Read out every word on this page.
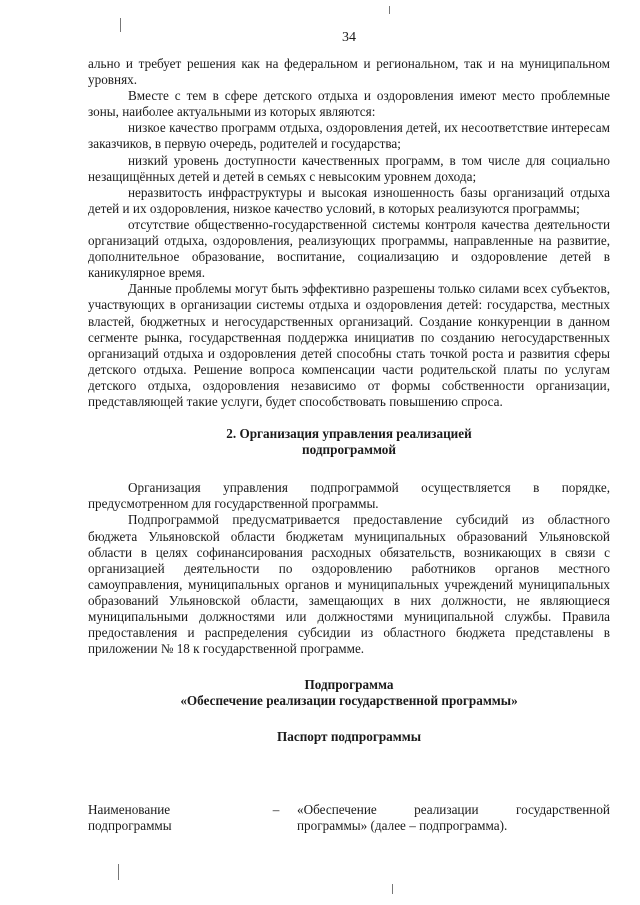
34

ально и требует решения как на федеральном и региональном, так и на муниципальном уровнях.

Вместе с тем в сфере детского отдыха и оздоровления имеют место проблемные зоны, наиболее актуальными из которых являются:

низкое качество программ отдыха, оздоровления детей, их несоответствие интересам заказчиков, в первую очередь, родителей и государства;

низкий уровень доступности качественных программ, в том числе для социально незащищённых детей и детей в семьях с невысоким уровнем дохода;

неразвитость инфраструктуры и высокая изношенность базы организаций отдыха детей и их оздоровления, низкое качество условий, в которых реализуются программы;

отсутствие общественно-государственной системы контроля качества деятельности организаций отдыха, оздоровления, реализующих программы, направленные на развитие, дополнительное образование, воспитание, социализацию и оздоровление детей в каникулярное время.

Данные проблемы могут быть эффективно разрешены только силами всех субъектов, участвующих в организации системы отдыха и оздоровления детей: государства, местных властей, бюджетных и негосударственных организаций. Создание конкуренции в данном сегменте рынка, государственная поддержка инициатив по созданию негосударственных организаций отдыха и оздоровления детей способны стать точкой роста и развития сферы детского отдыха. Решение вопроса компенсации части родительской платы по услугам детского отдыха, оздоровления независимо от формы собственности организации, представляющей такие услуги, будет способствовать повышению спроса.

2. Организация управления реализацией

подпрограммой

Организация управления подпрограммой осуществляется в порядке, предусмотренном для государственной программы.

Подпрограммой предусматривается предоставление субсидий из областного бюджета Ульяновской области бюджетам муниципальных образований Ульяновской области в целях софинансирования расходных обязательств, возникающих в связи с организацией деятельности по оздоровлению работников органов местного самоуправления, муниципальных органов и муниципальных учреждений муниципальных образований Ульяновской области, замещающих в них должности, не являющиеся муниципальными должностями или должностями муниципальной службы. Правила предоставления и распределения субсидии из областного бюджета представлены в приложении № 18 к государственной программе.

Подпрограмма

«Обеспечение реализации государственной программы»

Паспорт подпрограммы

Наименование подпрограммы
– «Обеспечение реализации государственной программы» (далее – подпрограмма).
